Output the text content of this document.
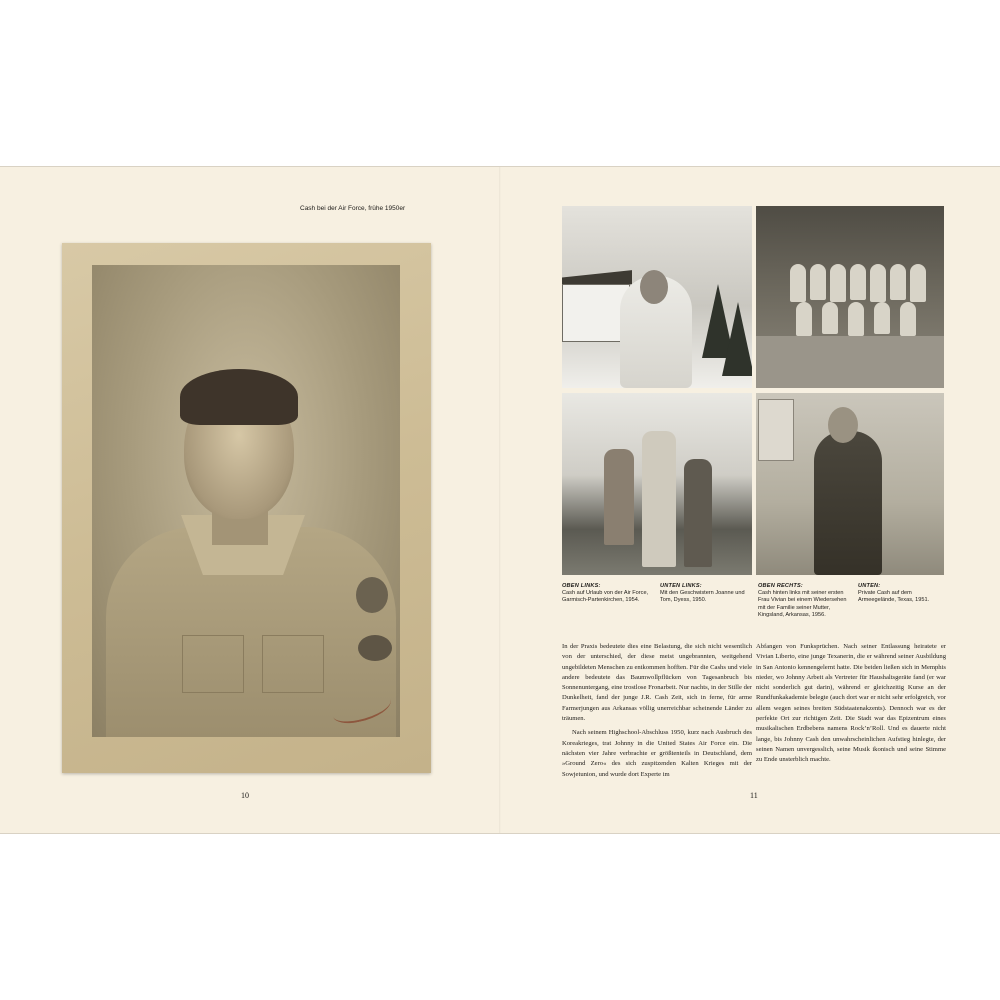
Cash bei der Air Force, frühe 1950er
10
OBEN LINKS:
Cash auf Urlaub von der Air Force, Garmisch-Partenkirchen, 1954.
UNTEN LINKS:
Mit den Geschwistern Joanne und Tom, Dyess, 1950.
OBEN RECHTS:
Cash hinten links mit seiner ersten Frau Vivian bei einem Wiedersehen mit der Familie seiner Mutter, Kingsland, Arkansas, 1956.
UNTEN:
Private Cash auf dem Armeegelände, Texas, 1951.

In der Praxis bedeutete dies eine Belastung, die sich nicht wesentlich von der unterschied, der diese meist ungebrannten, weitgehend ungebildeten Menschen zu entkommen hofften. Für die Cashs und viele andere bedeutete das Baumwollpflücken von Tagesanbruch bis Sonnenuntergang, eine trostlose Fronarbeit. Nur nachts, in der Stille der Dunkelheit, fand der junge J.R. Cash Zeit, sich in ferne, für arme Farmerjungen aus Arkansas völlig unerreichbar scheinende Länder zu träumen.

Nach seinem Highschool-Abschluss 1950, kurz nach Ausbruch des Koreakrieges, trat Johnny in die United States Air Force ein. Die nächsten vier Jahre verbrachte er größtenteils in Deutschland, dem »Ground Zero« des sich zuspitzenden Kalten Krieges mit der Sowjetunion, und wurde dort Experte im

Abfangen von Funksprüchen. Nach seiner Entlassung heiratete er Vivian Liberto, eine junge Texanerin, die er während seiner Ausbildung in San Antonio kennengelernt hatte. Die beiden ließen sich in Memphis nieder, wo Johnny Arbeit als Vertreter für Haushaltsgeräte fand (er war nicht sonderlich gut darin), während er gleichzeitig Kurse an der Rundfunkakademie belegte (auch dort war er nicht sehr erfolgreich, vor allem wegen seines breiten Südstaatenakzents). Dennoch war es der perfekte Ort zur richtigen Zeit. Die Stadt war das Epizentrum eines musikalischen Erdbebens namens Rock’n’Roll. Und es dauerte nicht lange, bis Johnny Cash den unwahrscheinlichen Aufstieg hinlegte, der seinen Namen unvergesslich, seine Musik ikonisch und seine Stimme zu Ende unsterblich machte.

11
